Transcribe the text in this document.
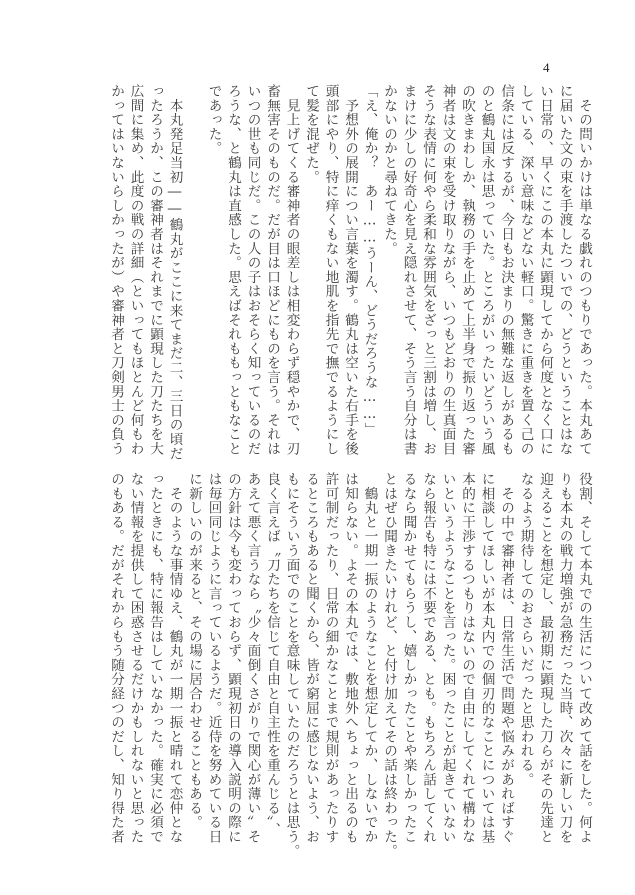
4
　その問いかけは単なる戯れのつもりであった。本丸あて
に届いた文の束を手渡したついでの、どうということはな
い日常の、早くにこの本丸に顕現してから何度となく口に
している、深い意味などない軽口。驚きに重きを置く己の
信条には反するが、今日もお決まりの無難な返しがあるも
のと鶴丸国永は思っていた。ところがいったいどういう風
の吹きまわしか、執務の手を止めて上半身で振り返った審
神者は文の束を受け取りながら、いつもどおりの生真面目
そうな表情に何やら柔和な雰囲気をざっと三割は増し、お
まけに少しの好奇心を見え隠れさせて、そう言う自分は書
かないのかと尋ねてきた。
「え、俺か？　あー……うーん、どうだろうな……」
　予想外の展開につい言葉を濁す。鶴丸は空いた右手を後
頭部にやり、特に痒くもない地肌を指先で撫でるようにし
て髪を混ぜた。
　見上げてくる審神者の眼差しは相変わらず穏やかで、刃
畜無害そのものだ。だが目は口ほどにものを言う。それは
いつの世も同じだ。この人の子はおそらく知っているのだ
ろうな、と鶴丸は直感した。思えばそれももっともなこと
であった。

　本丸発足当初――鶴丸がここに来てまだ二、三日の頃だ
ったろうか、この審神者はそれまでに顕現した刀たちを大
広間に集め、此度の戦の詳細（といってもほとんど何もわ
かってはいないらしかったが）や審神者と刀剣男士の負う
役割、そして本丸での生活について改めて話をした。何よ
りも本丸の戦力増強が急務だった当時、次々に新しい刀を
迎えることを想定し、最初期に顕現した刀らがその先達と
なるよう期待してのおさらいだったと思われる。
　その中で審神者は、日常生活で問題や悩みがあればすぐ
に相談してほしいが本丸内での個刃的なことについては基
本的に干渉するつもりはないので自由にしてくれて構わな
いというようなことを言った。困ったことが起きていない
なら報告も特には不要である、とも。もちろん話してくれ
るなら聞かせてもらうし、嬉しかったことや楽しかったこ
とはぜひ聞きたいけれど、と付け加えてその話は終わった。
　鶴丸と一期一振のようなことを想定してか、しないでか
は知らない。よその本丸では、敷地外へちょっと出るのも
許可制だったり、日常の細かなことまで規則があったりす
るところもあると聞くから、皆が窮屈に感じないよう、お
もにそういう面でのことを意味していたのだろうとは思う。
良く言えば〝刀たちを信じて自由と自主性を重んじる〟、
あえて悪く言うなら〝少々面倒くさがりで関心が薄い〟そ
の方針は今も変わっておらず、顕現初日の導入説明の際に
は毎回同じように言っているようだ。近侍を努めている日
に新しいのが来ると、その場に居合わせることもある。
　そのような事情ゆえ、鶴丸が一期一振と晴れて恋仲とな
ったときにも、特に報告はしていなかった。確実に必須で
ない情報を提供して困惑させるだけかもしれないと思った
のもある。だがそれからもう随分経つのだし、知り得た者
